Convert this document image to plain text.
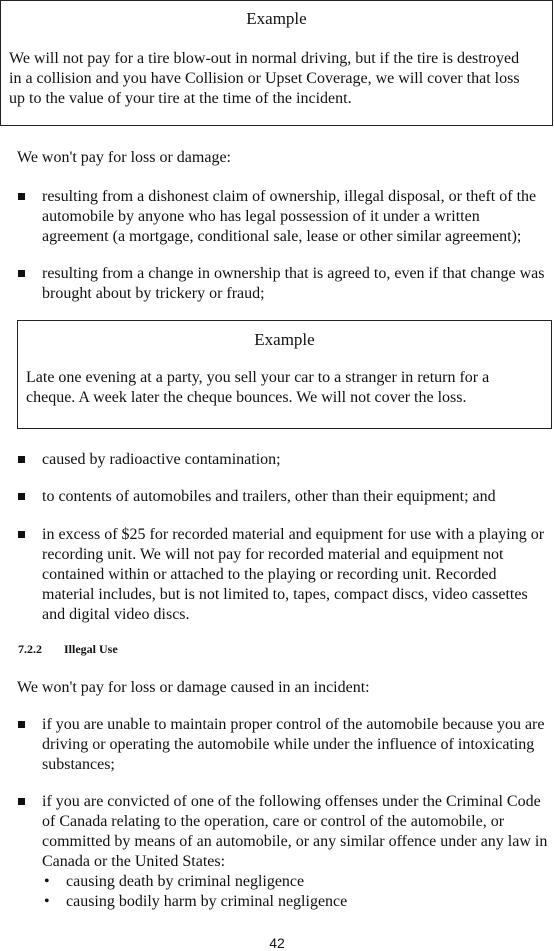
Example
We will not pay for a tire blow-out in normal driving, but if the tire is destroyed
in a collision and you have Collision or Upset Coverage, we will cover that loss
up to the value of your tire at the time of the incident.
We won't pay for loss or damage:
resulting from a dishonest claim of ownership, illegal disposal, or theft of the
automobile by anyone who has legal possession of it under a written
agreement (a mortgage, conditional sale, lease or other similar agreement);
resulting from a change in ownership that is agreed to, even if that change was
brought about by trickery or fraud;
Example
Late one evening at a party, you sell your car to a stranger in return for a
cheque. A week later the cheque bounces. We will not cover the loss.
caused by radioactive contamination;
to contents of automobiles and trailers, other than their equipment; and
in excess of $25 for recorded material and equipment for use with a playing or
recording unit. We will not pay for recorded material and equipment not
contained within or attached to the playing or recording unit. Recorded
material includes, but is not limited to, tapes, compact discs, video cassettes
and digital video discs.
7.2.2 Illegal Use
We won't pay for loss or damage caused in an incident:
if you are unable to maintain proper control of the automobile because you are
driving or operating the automobile while under the influence of intoxicating
substances;
if you are convicted of one of the following offenses under the Criminal Code
of Canada relating to the operation, care or control of the automobile, or
committed by means of an automobile, or any similar offence under any law in
Canada or the United States:
• causing death by criminal negligence
• causing bodily harm by criminal negligence
42
